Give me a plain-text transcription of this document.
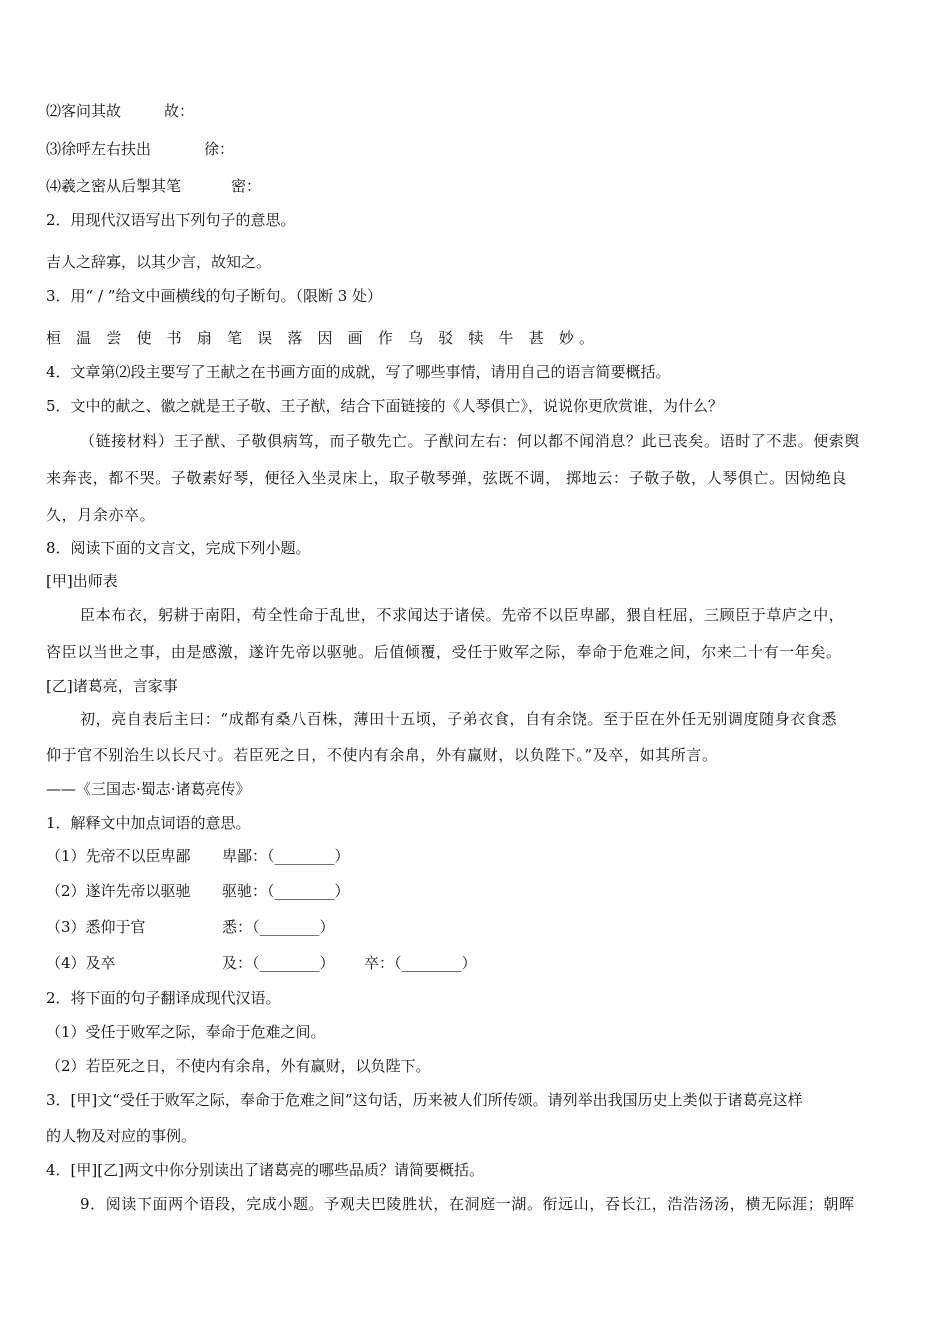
⑵客问其故	故：
⑶徐呼左右扶出	徐：
⑷羲之密从后掣其笔	密：
2．用现代汉语写出下列句子的意思。
吉人之辞寡，以其少言，故知之。
3．用“ / ”给文中画横线的句子断句。（限断 3 处）
桓 温 尝 使 书 扇 笔 误 落 因 画 作 乌 驳 犊 牛 甚 妙。
4．文章第⑵段主要写了王献之在书画方面的成就，写了哪些事情，请用自己的语言简要概括。
5．文中的献之、徽之就是王子敬、王子猷，结合下面链接的《人琴俱亡》，说说你更欣赏谁，为什么？
（链接材料）王子猷、子敬俱病笃，而子敬先亡。子猷问左右：何以都不闻消息？此已丧矣。语时了不悲。便索舆
来奔丧，都不哭。子敬素好琴，便径入坐灵床上，取子敬琴弹，弦既不调， 掷地云：子敬子敬，人琴俱亡。因恸绝良
久，月余亦卒。
8．阅读下面的文言文，完成下列小题。
[甲]出师表
臣本布衣，躬耕于南阳，苟全性命于乱世，不求闻达于诸侯。先帝不以臣卑鄙，猥自枉屈，三顾臣于草庐之中，
咨臣以当世之事，由是感激，遂许先帝以驱驰。后值倾覆，受任于败军之际，奉命于危难之间，尔来二十有一年矣。
[乙]诸葛亮，言家事
初，亮自表后主曰：“成都有桑八百株，薄田十五顷，子弟衣食，自有余饶。至于臣在外任无别调度随身衣食悉
仰于官不别治生以长尺寸。若臣死之日，不使内有余帛，外有赢财，以负陛下。”及卒，如其所言。
——《三国志·蜀志·诸葛亮传》
1．解释文中加点词语的意思。
（1）先帝不以臣卑鄙 卑鄙：（________）
（2）遂许先帝以驱驰 驱驰：（________）
（3）悉仰于官	悉：（________）
（4）及卒	及：（________） 卒：（________）
2．将下面的句子翻译成现代汉语。
（1）受任于败军之际，奉命于危难之间。
（2）若臣死之日，不使内有余帛，外有赢财，以负陛下。
3．[甲]文“受任于败军之际，奉命于危难之间”这句话，历来被人们所传颂。请列举出我国历史上类似于诸葛亮这样
的人物及对应的事例。
4．[甲][乙]两文中你分别读出了诸葛亮的哪些品质？请简要概括。
9．阅读下面两个语段，完成小题。予观夫巴陵胜状，在洞庭一湖。衔远山，吞长江，浩浩汤汤，横无际涯；朝晖
